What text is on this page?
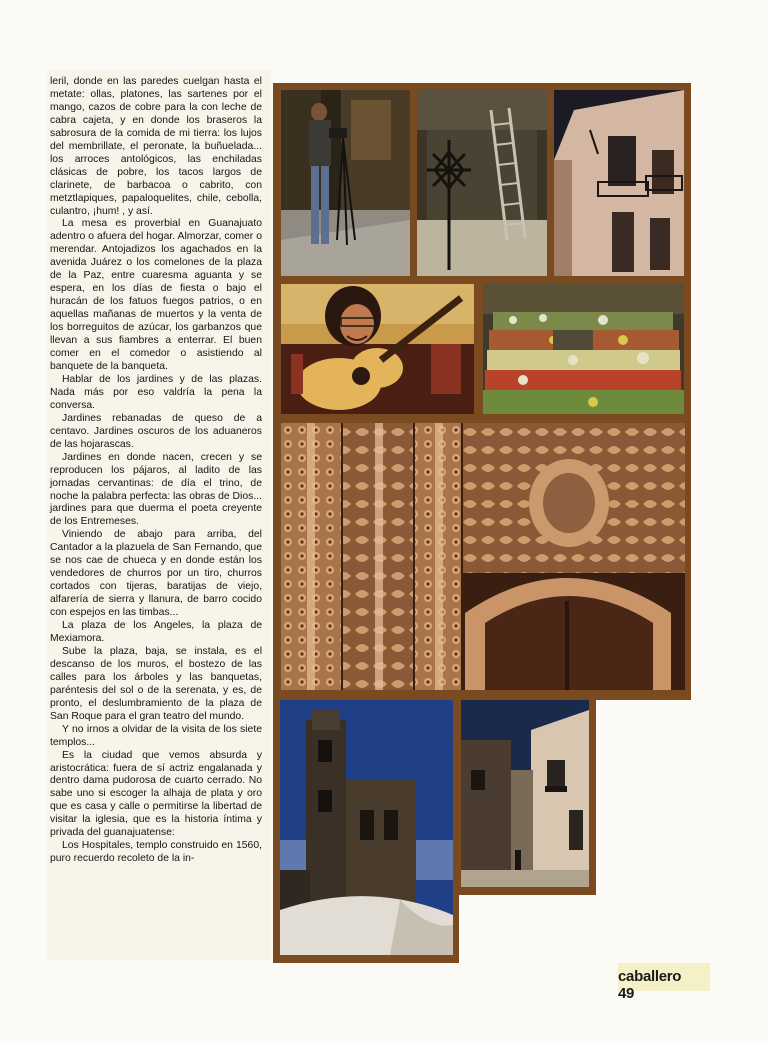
leril, donde en las paredes cuelgan hasta el metate: ollas, platones, las sartenes por el mango, cazos de cobre para la con leche de cabra cajeta, y en donde los braseros la sabrosura de la comida de mi tierra: los lujos del membrillate, el peronate, la buñuelada... los arroces antológicos, las enchiladas clásicas de pobre, los tacos largos de clarinete, de barbacoa o cabrito, con metztlapiques, papaloquelites, chile, cebolla, culantro, ¡hum! , y así.

La mesa es proverbial en Guanajuato adentro o afuera del hogar. Almorzar, comer o merendar. Antojadizos los agachados en la avenida Juárez o los comelones de la plaza de la Paz, entre cuaresma aguanta y se espera, en los días de fiesta o bajo el huracán de los fatuos fuegos patrios, o en aquellas mañanas de muertos y la venta de los borreguitos de azúcar, los garbanzos que llevan a sus fiambres a enterrar. El buen comer en el comedor o asistiendo al banquete de la banqueta.

Hablar de los jardines y de las plazas. Nada más por eso valdría la pena la conversa.

Jardines rebanadas de queso de a centavo. Jardines oscuros de los aduaneros de las hojarascas.

Jardines en donde nacen, crecen y se reproducen los pájaros, al ladito de las jornadas cervantinas: de día el trino, de noche la palabra perfecta: las obras de Dios... jardines para que duerma el poeta creyente de los Entremeses.

Viniendo de abajo para arriba, del Cantador a la plazuela de San Fernando, que se nos cae de chueca y en donde están los vendedores de churros por un tiro, churros cortados con tijeras, baratijas de viejo, alfarería de sierra y llanura, de barro cocido con espejos en las timbas...

La plaza de los Angeles, la plaza de Mexiamora.

Sube la plaza, baja, se instala, es el descanso de los muros, el bostezo de las calles para los árboles y las banquetas, paréntesis del sol o de la serenata, y es, de pronto, el deslumbramiento de la plaza de San Roque para el gran teatro del mundo.

Y no irnos a olvidar de la visita de los siete templos...

Es la ciudad que vemos absurda y aristocrática: fuera de sí actriz engalanada y dentro dama pudorosa de cuarto cerrado. No sabe uno si escoger la alhaja de plata y oro que es casa y calle o permitirse la libertad de visitar la iglesia, que es la historia íntima y privada del guanajuatense:

Los Hospitales, templo construido en 1560, puro recuerdo recoleto de la in-

caballero 49
